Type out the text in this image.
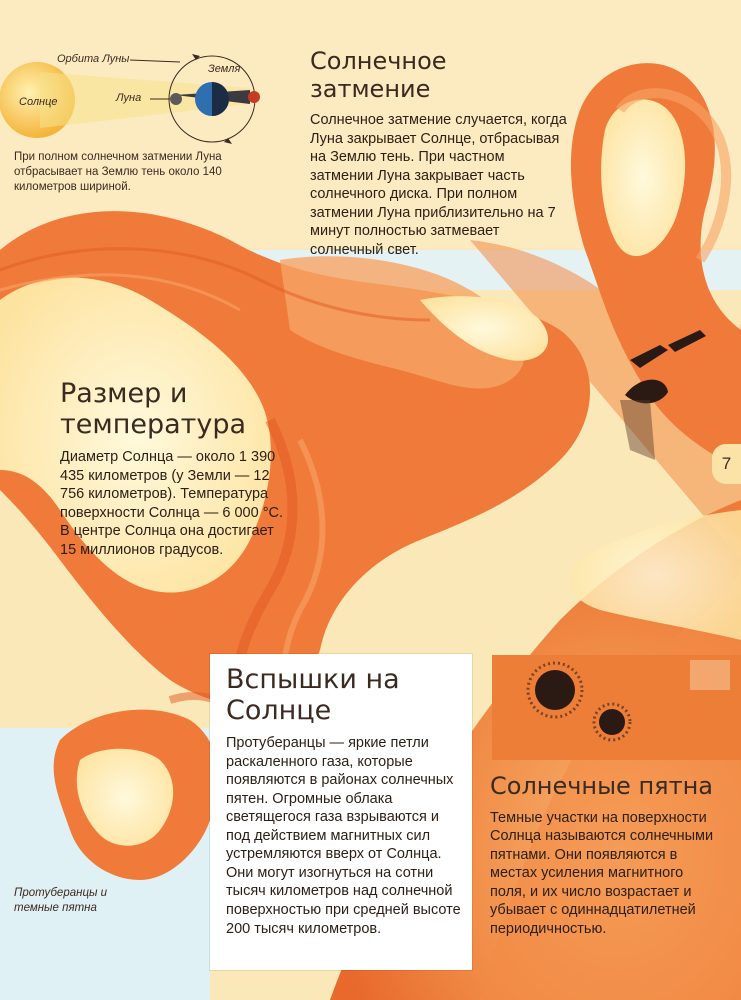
Орбита Луны
Земля
Луна
Солнце
При полном солнечном затмении Луна отбрасывает на Землю тень около 140 километров шириной.
Солнечное затмение

Солнечное затмение случается, когда Луна закрывает Солнце, отбрасывая на Землю тень. При частном затмении Луна закрывает часть солнечного диска. При полном затмении Луна приблизительно на 7 минут полностью затмевает солнечный свет.

Размер и температура

Диаметр Солнца — около 1 390 435 километров (у Земли — 12 756 километров). Температура поверхности Солнца — 6 000 °С. В центре Солнца она достигает 15 миллионов градусов.

Вспышки на Солнце

Протуберанцы — яркие петли раскаленного газа, которые появляются в районах солнечных пятен. Огромные облака светящегося газа взрываются и под действием магнитных сил устремляются вверх от Солнца. Они могут изогнуться на сотни тысяч километров над солнечной поверхностью при средней высоте 200 тысяч километров.

Солнечные пятна

Темные участки на поверхности Солнца называются солнечными пятнами. Они появляются в местах усиления магнитного поля, и их число возрастает и убывает с одиннадцатилетней периодичностью.

Протуберанцы и темные пятна
7
